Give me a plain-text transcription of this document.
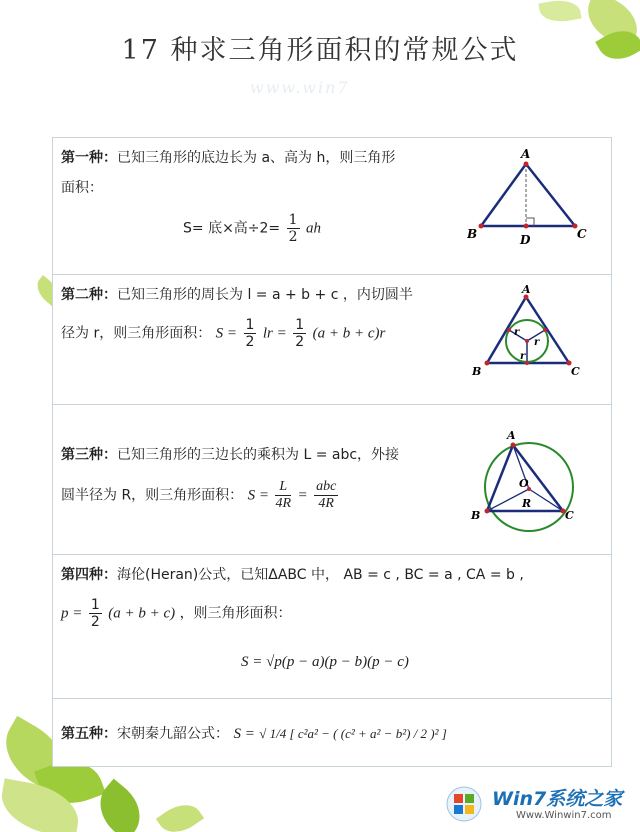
www.win7
17 种求三角形面积的常规公式
第一种：已知三角形的底边长为 a、高为 h，则三角形
面积：
S= 底×高$\div 2= \frac{1}{2}$ ah
A
B	C
D
第二种：已知三角形的周长为 l = a + b + c ，内切圆半
径为 r，则三角形面积： $S = \frac{1}{2}$ lr = $\frac{1}{2} (a + b + c)r$
A
B	C
r
r
r
第三种：已知三角形的三边长的乘积为 L = abc，外接
圆半径为 R，则三角形面积： $S = \frac{L}{4R} = \frac{\text{abc}}{4R}$
A
B	C
O
R
第四种：海伦(Heran)公式，已知ΔABC 中， AB = c , BC = a , CA = b ,
$p = \frac{1}{2} (a + b + c)$ ，则三角形面积：
S = √p(p − a)(p − b)(p − c)
第五种：宋朝秦九韶公式： S = √ 1/4 [ c²a² − ( (c² + a² − b²) / 2 )² ]
Win7系统之家
Www.Winwin7.com
